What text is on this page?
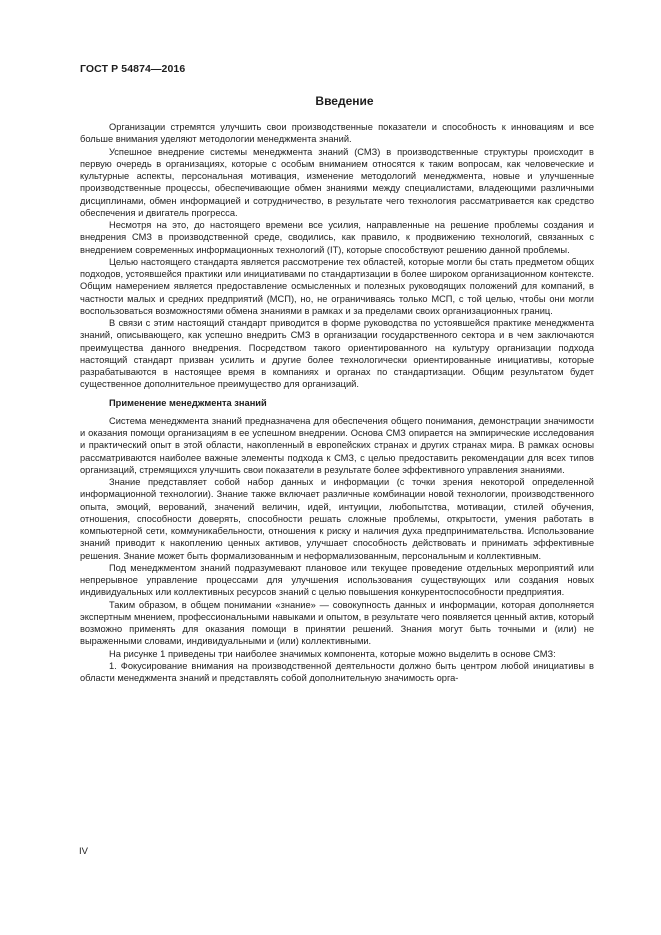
ГОСТ Р 54874—2016
Введение

Организации стремятся улучшить свои производственные показатели и способность к инновациям и все больше внимания уделяют методологии менеджмента знаний.

Успешное внедрение системы менеджмента знаний (СМЗ) в производственные структуры происходит в первую очередь в организациях, которые с особым вниманием относятся к таким вопросам, как человеческие и культурные аспекты, персональная мотивация, изменение методологий менеджмента, новые и улучшенные производственные процессы, обеспечивающие обмен знаниями между специалистами, владеющими различными дисциплинами, обмен информацией и сотрудничество, в результате чего технология рассматривается как средство обеспечения и двигатель прогресса.

Несмотря на это, до настоящего времени все усилия, направленные на решение проблемы создания и внедрения СМЗ в производственной среде, сводились, как правило, к продвижению технологий, связанных с внедрением современных информационных технологий (IT), которые способствуют решению данной проблемы.

Целью настоящего стандарта является рассмотрение тех областей, которые могли бы стать предметом общих подходов, устоявшейся практики или инициативами по стандартизации в более широком организационном контексте. Общим намерением является предоставление осмысленных и полезных руководящих положений для компаний, в частности малых и средних предприятий (МСП), но, не ограничиваясь только МСП, с той целью, чтобы они могли воспользоваться возможностями обмена знаниями в рамках и за пределами своих организационных границ.

В связи с этим настоящий стандарт приводится в форме руководства по устоявшейся практике менеджмента знаний, описывающего, как успешно внедрить СМЗ в организации государственного сектора и в чем заключаются преимущества данного внедрения. Посредством такого ориентированного на культуру организации подхода настоящий стандарт призван усилить и другие более технологически ориентированные инициативы, которые разрабатываются в настоящее время в компаниях и органах по стандартизации. Общим результатом будет существенное дополнительное преимущество для организаций.

Применение менеджмента знаний

Система менеджмента знаний предназначена для обеспечения общего понимания, демонстрации значимости и оказания помощи организациям в ее успешном внедрении. Основа СМЗ опирается на эмпирические исследования и практический опыт в этой области, накопленный в европейских странах и других странах мира. В рамках основы рассматриваются наиболее важные элементы подхода к СМЗ, с целью предоставить рекомендации для всех типов организаций, стремящихся улучшить свои показатели в результате более эффективного управления знаниями.

Знание представляет собой набор данных и информации (с точки зрения некоторой определенной информационной технологии). Знание также включает различные комбинации новой технологии, производственного опыта, эмоций, верований, значений величин, идей, интуиции, любопытства, мотивации, стилей обучения, отношения, способности доверять, способности решать сложные проблемы, открытости, умения работать в компьютерной сети, коммуникабельности, отношения к риску и наличия духа предпринимательства. Использование знаний приводит к накоплению ценных активов, улучшает способность действовать и принимать эффективные решения. Знание может быть формализованным и неформализованным, персональным и коллективным.

Под менеджментом знаний подразумевают плановое или текущее проведение отдельных мероприятий или непрерывное управление процессами для улучшения использования существующих или создания новых индивидуальных или коллективных ресурсов знаний с целью повышения конкурентоспособности предприятия.

Таким образом, в общем понимании «знание» — совокупность данных и информации, которая дополняется экспертным мнением, профессиональными навыками и опытом, в результате чего появляется ценный актив, который возможно применять для оказания помощи в принятии решений. Знания могут быть точными и (или) не выраженными словами, индивидуальными и (или) коллективными.

На рисунке 1 приведены три наиболее значимых компонента, которые можно выделить в основе СМЗ:

1. Фокусирование внимания на производственной деятельности должно быть центром любой инициативы в области менеджмента знаний и представлять собой дополнительную значимость орга-

IV
